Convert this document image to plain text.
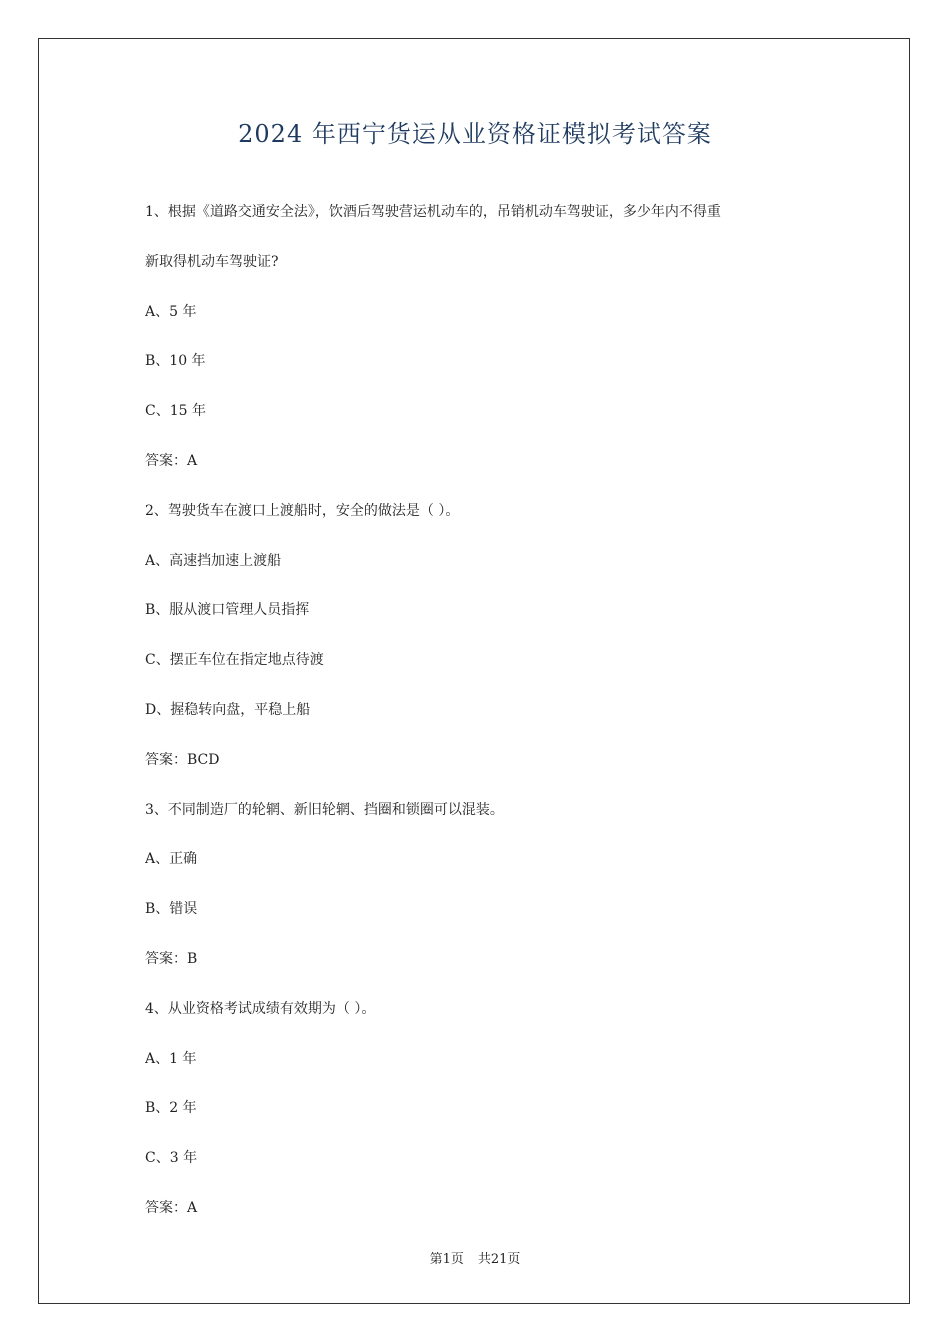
2024 年西宁货运从业资格证模拟考试答案
1、根据《道路交通安全法》，饮酒后驾驶营运机动车的，吊销机动车驾驶证，多少年内不得重
新取得机动车驾驶证?
A、5 年
B、10 年
C、15 年
答案：A
2、驾驶货车在渡口上渡船时，安全的做法是（ ）。
A、高速挡加速上渡船
B、服从渡口管理人员指挥
C、摆正车位在指定地点待渡
D、握稳转向盘，平稳上船
答案：BCD
3、不同制造厂的轮辋、新旧轮辋、挡圈和锁圈可以混装。
A、正确
B、错误
答案：B
4、从业资格考试成绩有效期为（ ）。
A、1 年
B、2 年
C、3 年
答案：A
第1页 共21页
